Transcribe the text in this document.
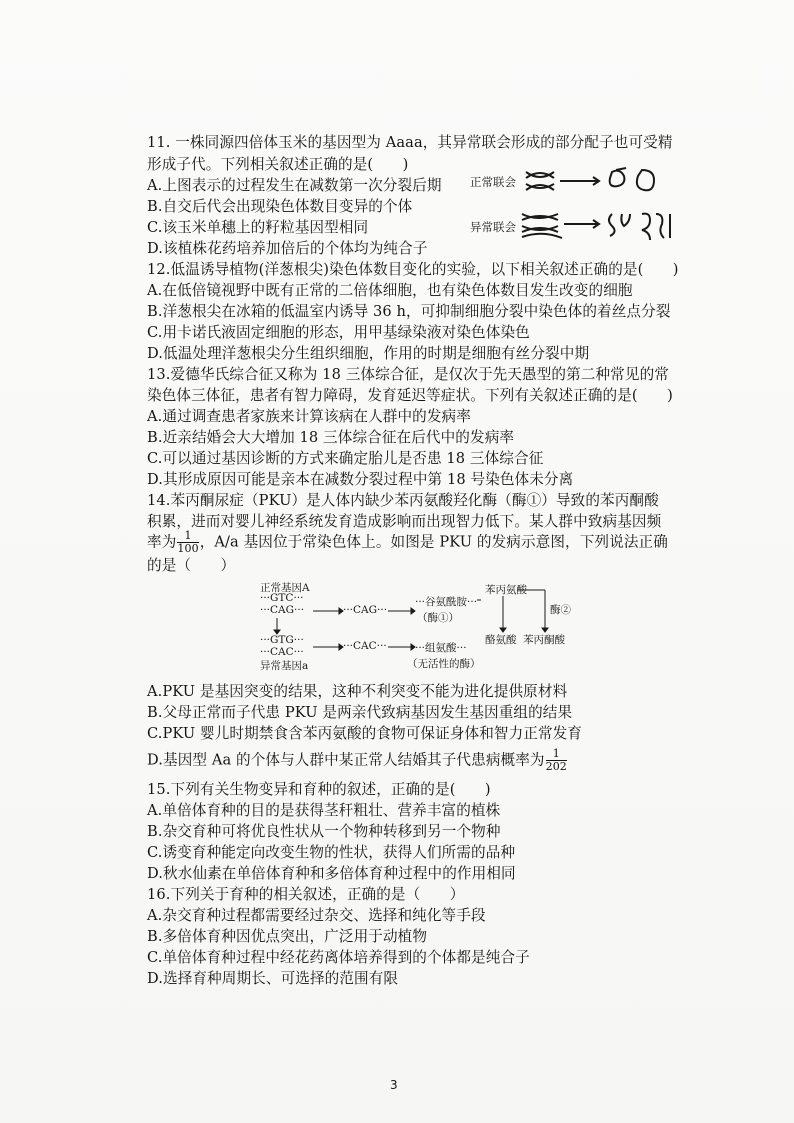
11. 一株同源四倍体玉米的基因型为 Aaaa，其异常联会形成的部分配子也可受精
形成子代。下列相关叙述正确的是(　　)
A.上图表示的过程发生在减数第一次分裂后期
B.自交后代会出现染色体数目变异的个体
C.该玉米单穗上的籽粒基因型相同
D.该植株花药培养加倍后的个体均为纯合子
12.低温诱导植物(洋葱根尖)染色体数目变化的实验，以下相关叙述正确的是(　　)
A.在低倍镜视野中既有正常的二倍体细胞，也有染色体数目发生改变的细胞
B.洋葱根尖在冰箱的低温室内诱导 36 h，可抑制细胞分裂中染色体的着丝点分裂
C.用卡诺氏液固定细胞的形态，用甲基绿染液对染色体染色
D.低温处理洋葱根尖分生组织细胞，作用的时期是细胞有丝分裂中期
13.爱德华氏综合征又称为 18 三体综合征，是仅次于先天愚型的第二种常见的常
染色体三体征，患者有智力障碍，发育延迟等症状。下列有关叙述正确的是(　　)
A.通过调查患者家族来计算该病在人群中的发病率
B.近亲结婚会大大增加 18 三体综合征在后代中的发病率
C.可以通过基因诊断的方式来确定胎儿是否患 18 三体综合征
D.其形成原因可能是亲本在减数分裂过程中第 18 号染色体未分离
14.苯丙酮尿症（PKU）是人体内缺少苯丙氨酸羟化酶（酶①）导致的苯丙酮酸
积累，进而对婴儿神经系统发育造成影响而出现智力低下。某人群中致病基因频
率为 $\frac{1}{100}$ ，A/a 基因位于常染色体上。如图是 PKU 的发病示意图，下列说法正确
的是（　　）
正常联会
异常联会
正常基因A
···GTC···
···CAG···	···CAG···
···谷氨酰胺···
（酶①）
苯丙氨酸
酶②
酪氨酸 苯丙酮酸
···GTG···
···CAC···	···CAC···	···组氨酸···
（无活性的酶）
异常基因a
A.PKU 是基因突变的结果，这种不利突变不能为进化提供原材料
B.父母正常而子代患 PKU 是两亲代致病基因发生基因重组的结果
C.PKU 婴儿时期禁食含苯丙氨酸的食物可保证身体和智力正常发育
D.基因型 Aa 的个体与人群中某正常人结婚其子代患病概率为 $\frac{1}{202}$
15.下列有关生物变异和育种的叙述，正确的是(　　)
A.单倍体育种的目的是获得茎秆粗壮、营养丰富的植株
B.杂交育种可将优良性状从一个物种转移到另一个物种
C.诱变育种能定向改变生物的性状，获得人们所需的品种
D.秋水仙素在单倍体育种和多倍体育种过程中的作用相同
16.下列关于育种的相关叙述，正确的是（　　）
A.杂交育种过程都需要经过杂交、选择和纯化等手段
B.多倍体育种因优点突出，广泛用于动植物
C.单倍体育种过程中经花药离体培养得到的个体都是纯合子
D.选择育种周期长、可选择的范围有限
3
